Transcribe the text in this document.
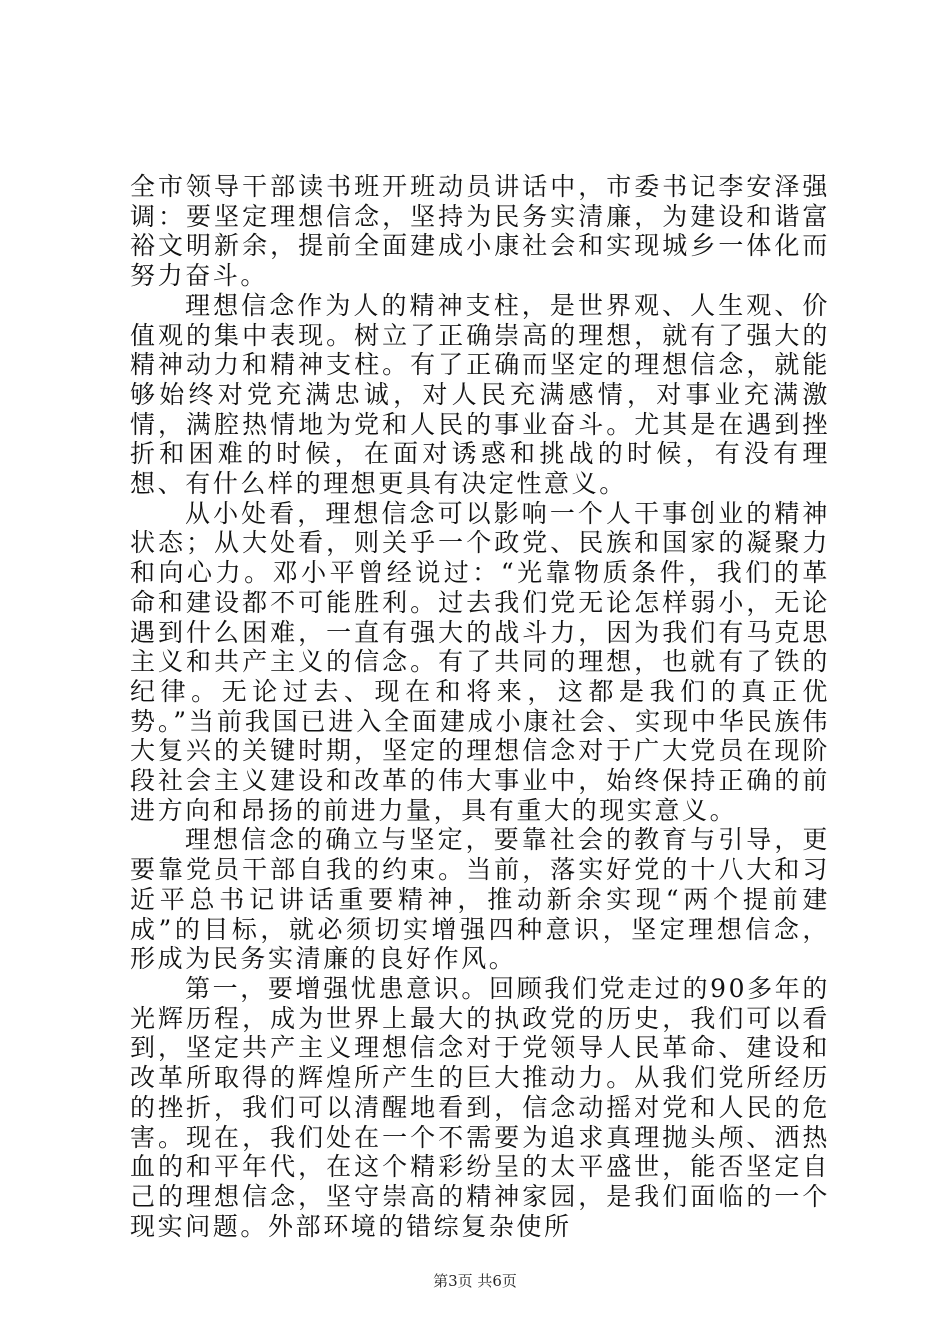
全市领导干部读书班开班动员讲话中，市委书记李安泽强调：要坚定理想信念，坚持为民务实清廉，为建设和谐富裕文明新余，提前全面建成小康社会和实现城乡一体化而努力奋斗。

理想信念作为人的精神支柱，是世界观、人生观、价值观的集中表现。树立了正确崇高的理想，就有了强大的精神动力和精神支柱。有了正确而坚定的理想信念，就能够始终对党充满忠诚，对人民充满感情，对事业充满激情，满腔热情地为党和人民的事业奋斗。尤其是在遇到挫折和困难的时候，在面对诱惑和挑战的时候，有没有理想、有什么样的理想更具有决定性意义。

从小处看，理想信念可以影响一个人干事创业的精神状态；从大处看，则关乎一个政党、民族和国家的凝聚力和向心力。邓小平曾经说过：“光靠物质条件，我们的革命和建设都不可能胜利。过去我们党无论怎样弱小，无论遇到什么困难，一直有强大的战斗力，因为我们有马克思主义和共产主义的信念。有了共同的理想，也就有了铁的纪律。无论过去、现在和将来，这都是我们的真正优势。”当前我国已进入全面建成小康社会、实现中华民族伟大复兴的关键时期，坚定的理想信念对于广大党员在现阶段社会主义建设和改革的伟大事业中，始终保持正确的前进方向和昂扬的前进力量，具有重大的现实意义。

理想信念的确立与坚定，要靠社会的教育与引导，更要靠党员干部自我的约束。当前，落实好党的十八大和习近平总书记讲话重要精神，推动新余实现“两个提前建成”的目标，就必须切实增强四种意识，坚定理想信念，形成为民务实清廉的良好作风。

第一，要增强忧患意识。回顾我们党走过的90多年的光辉历程，成为世界上最大的执政党的历史，我们可以看到，坚定共产主义理想信念对于党领导人民革命、建设和改革所取得的辉煌所产生的巨大推动力。从我们党所经历的挫折，我们可以清醒地看到，信念动摇对党和人民的危害。现在，我们处在一个不需要为追求真理抛头颅、洒热血的和平年代，在这个精彩纷呈的太平盛世，能否坚定自己的理想信念，坚守崇高的精神家园，是我们面临的一个现实问题。外部环境的错综复杂使所

第3页 共6页
